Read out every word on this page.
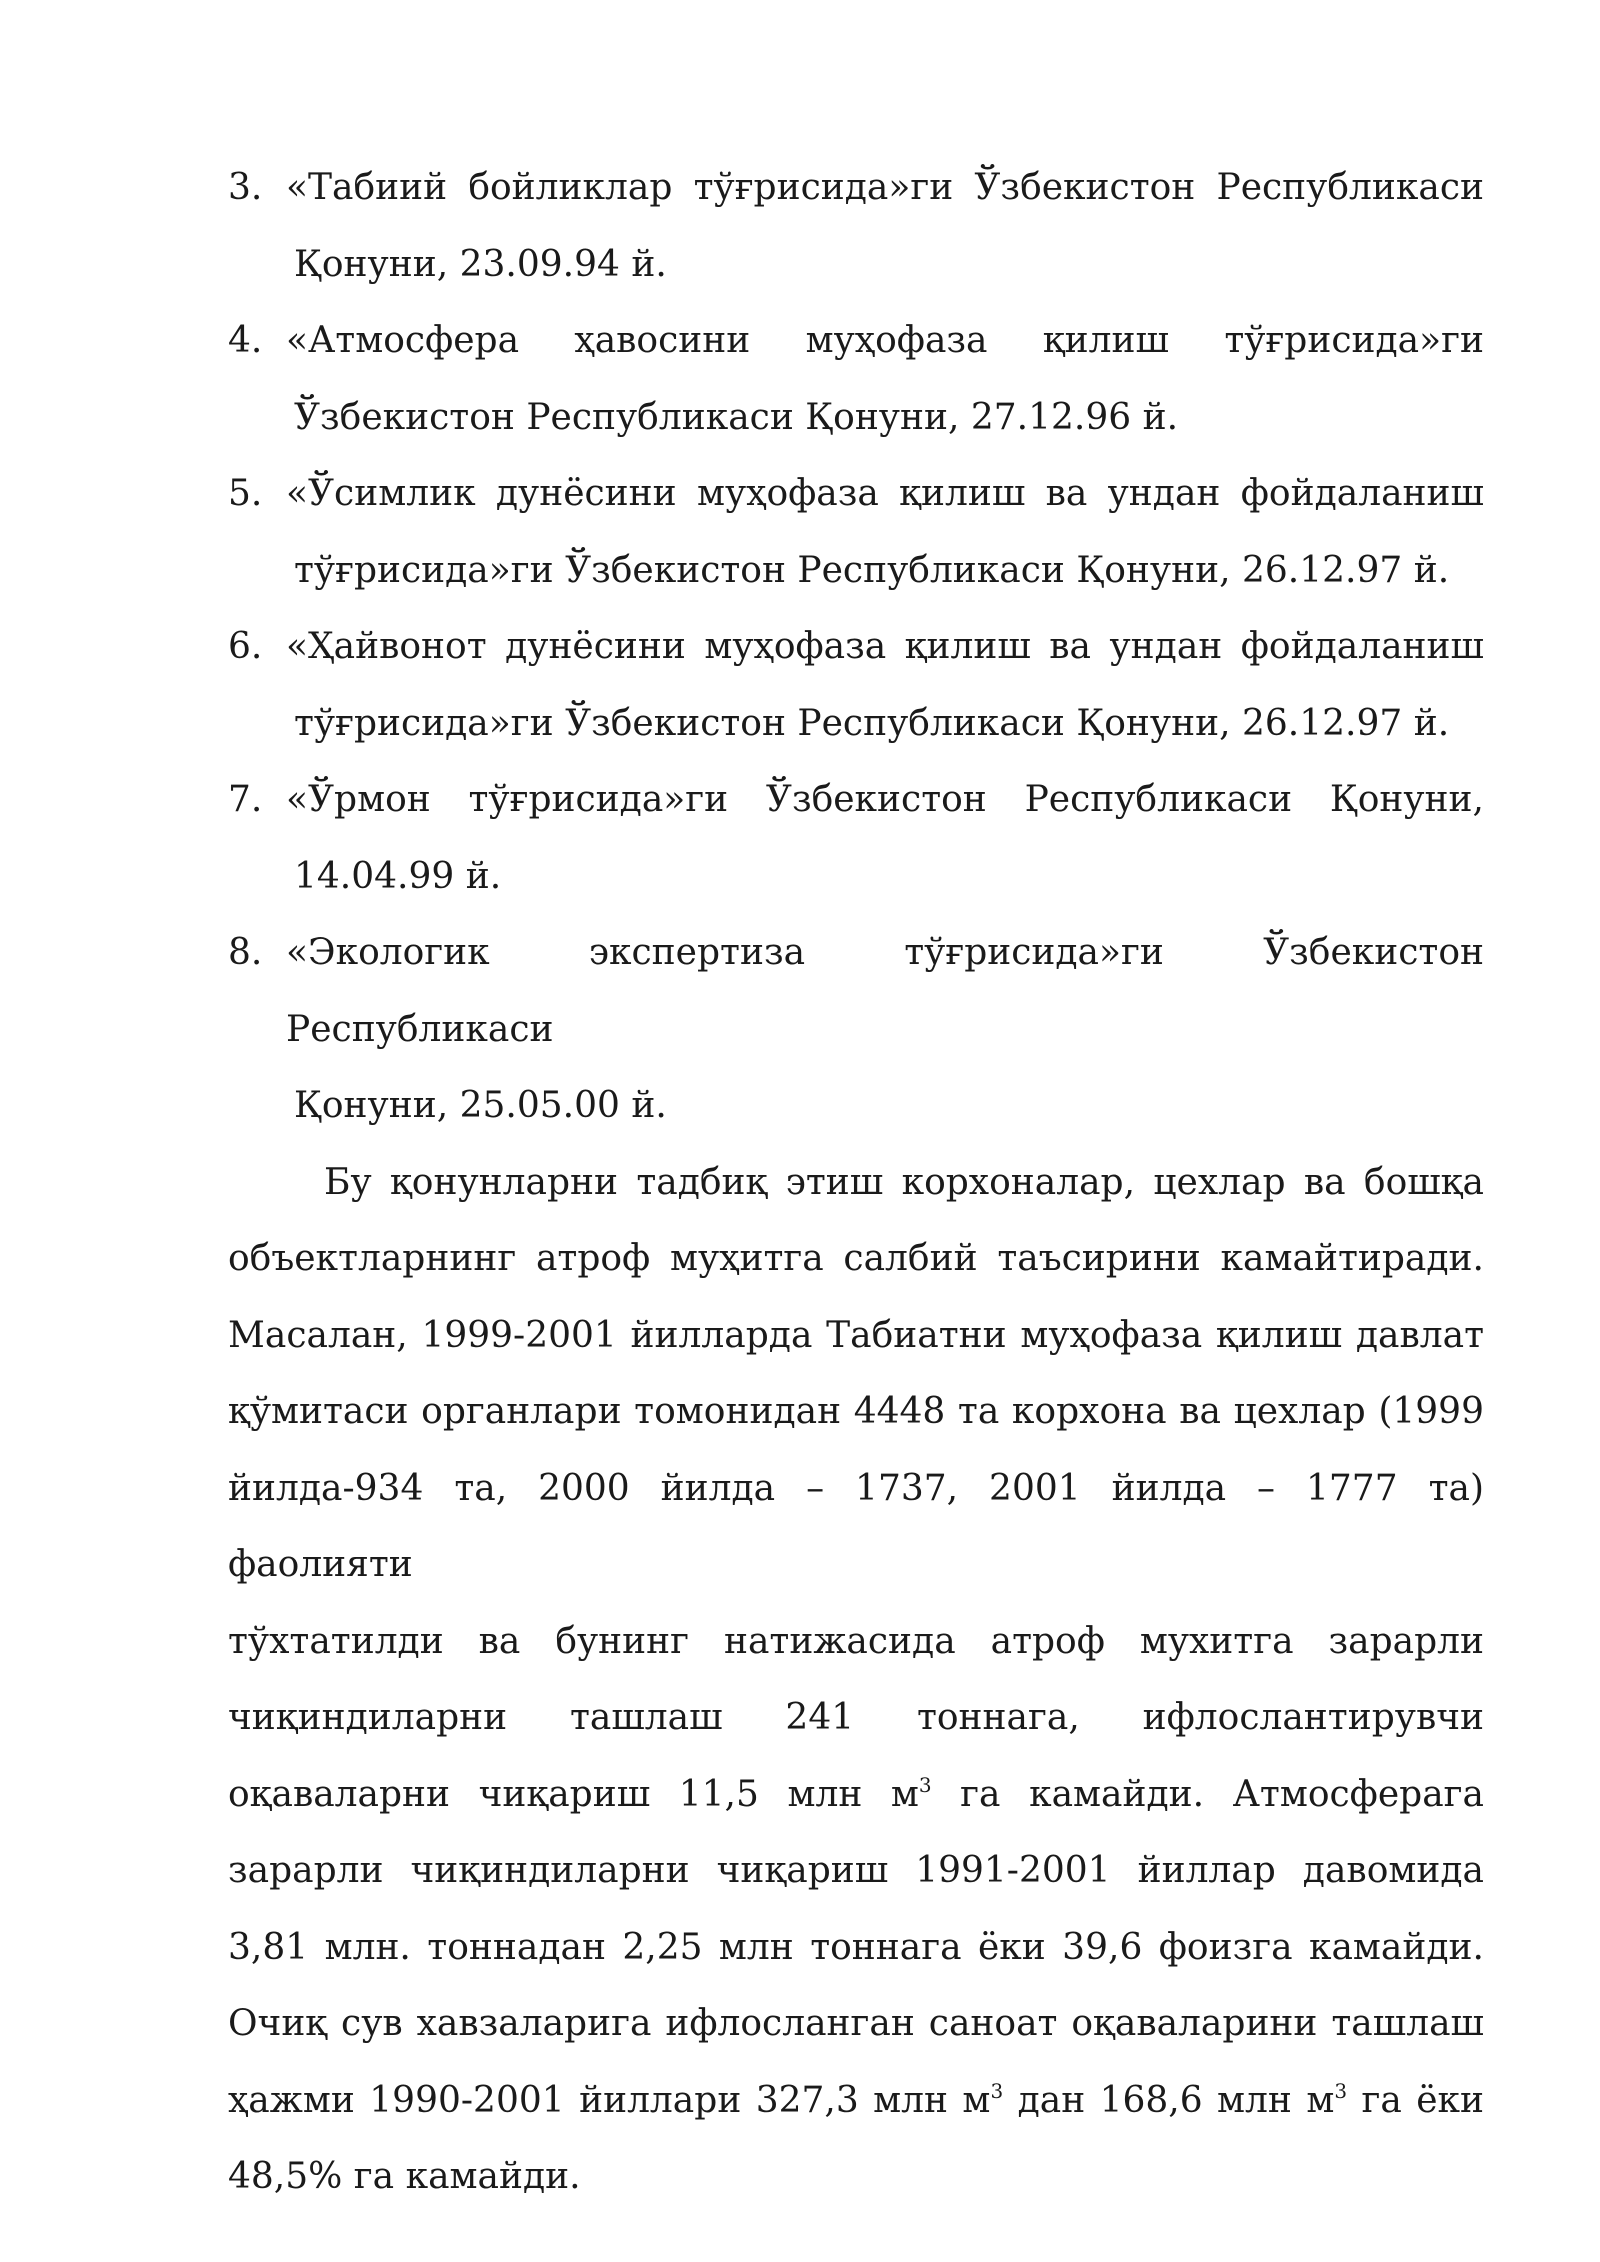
3. «Табиий бойликлар тўғрисида»ги Ўзбекистон Республикаси
Қонуни, 23.09.94 й.
4. «Атмосфера ҳавосини муҳофаза қилиш тўғрисида»ги
Ўзбекистон Республикаси Қонуни, 27.12.96 й.
5. «Ўсимлик дунёсини муҳофаза қилиш ва ундан фойдаланиш
тўғрисида»ги Ўзбекистон Республикаси Қонуни, 26.12.97 й.
6. «Ҳайвонот дунёсини муҳофаза қилиш ва ундан фойдаланиш
тўғрисида»ги Ўзбекистон Республикаси Қонуни, 26.12.97 й.
7. «Ўрмон тўғрисида»ги Ўзбекистон Республикаси Қонуни,
14.04.99 й.
8. «Экологик экспертиза тўғрисида»ги Ўзбекистон Республикаси
Қонуни, 25.05.00 й.
Бу қонунларни тадбиқ этиш корхоналар, цехлар ва бошқа
объектларнинг атроф муҳитга салбий таъсирини камайтиради.
Масалан, 1999-2001 йилларда Табиатни муҳофаза қилиш давлат
қўмитаси органлари томонидан 4448 та корхона ва цехлар (1999
йилда-934 та, 2000 йилда – 1737, 2001 йилда – 1777 та) фаолияти
тўхтатилди ва бунинг натижасида атроф мухитга зарарли
чиқиндиларни ташлаш 241 тоннага, ифлослантирувчи
оқаваларни чиқариш 11,5 млн $м^3$ га камайди. Атмосферага
зарарли чиқиндиларни чиқариш 1991-2001 йиллар давомида
3,81 млн. тоннадан 2,25 млн тоннага ёки 39,6 фоизга камайди.
Очиқ сув хавзаларига ифлосланган саноат оқаваларини ташлаш
ҳажми 1990-2001 йиллари 327,3 млн $м^3$ дан 168,6 млн $м^3$ га ёки
48,5% га камайди.
